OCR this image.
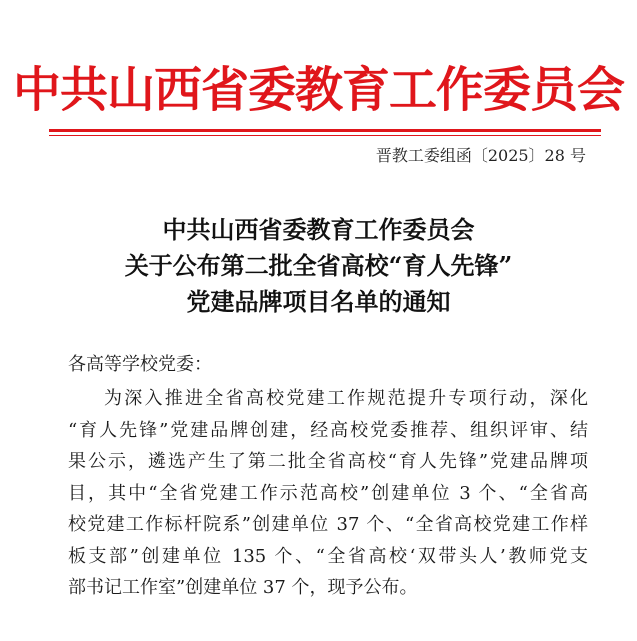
中共山西省委教育工作委员会
晋教工委组函〔2025〕28 号
中共山西省委教育工作委员会
关于公布第二批全省高校“育人先锋”
党建品牌项目名单的通知
各高等学校党委：
为深入推进全省高校党建工作规范提升专项行动，深化
“育人先锋”党建品牌创建，经高校党委推荐、组织评审、结
果公示，遴选产生了第二批全省高校“育人先锋”党建品牌项
目，其中“全省党建工作示范高校”创建单位 3 个、“全省高
校党建工作标杆院系”创建单位 37 个、“全省高校党建工作样
板支部”创建单位 135 个、“全省高校‘双带头人’教师党支
部书记工作室”创建单位 37 个，现予公布。
